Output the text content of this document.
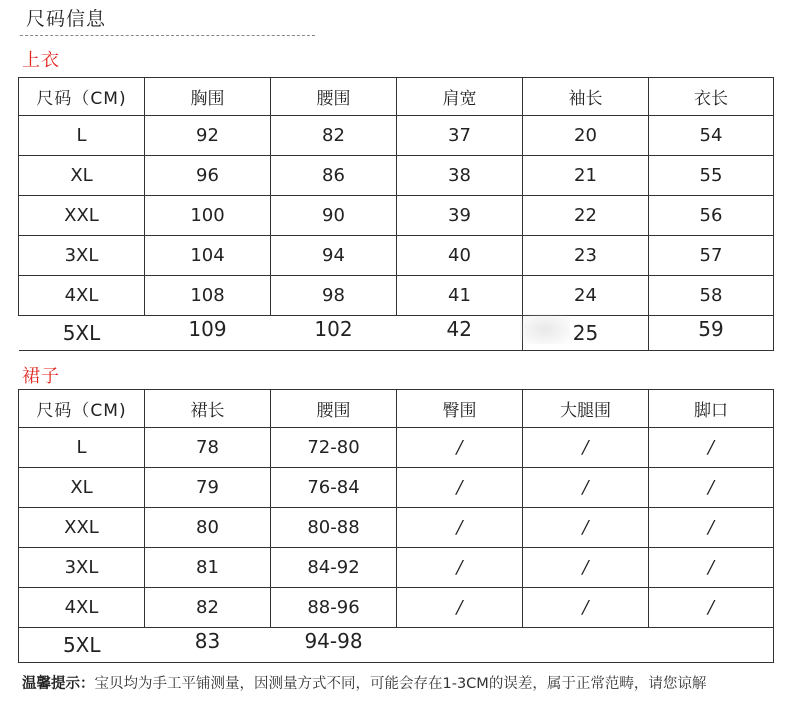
尺码信息
上衣
尺码（CM)	胸围	腰围	肩宽	袖长	衣长
L	92	82	37	20	54
XL	96	86	38	21	55
XXL	100	90	39	22	56
3XL	104	94	40	23	57
4XL	108	98	41	24	58
5XL	109	102	42	25	59
裙子
尺码（CM)	裙长	腰围	臀围	大腿围	脚口
L	78	72-80	/	/	/
XL	79	76-84	/	/	/
XXL	80	80-88	/	/	/
3XL	81	84-92	/	/	/
4XL	82	88-96	/	/	/
5XL	83	94-98			
温馨提示：宝贝均为手工平铺测量，因测量方式不同，可能会存在1-3CM的误差，属于正常范畴，请您谅解
